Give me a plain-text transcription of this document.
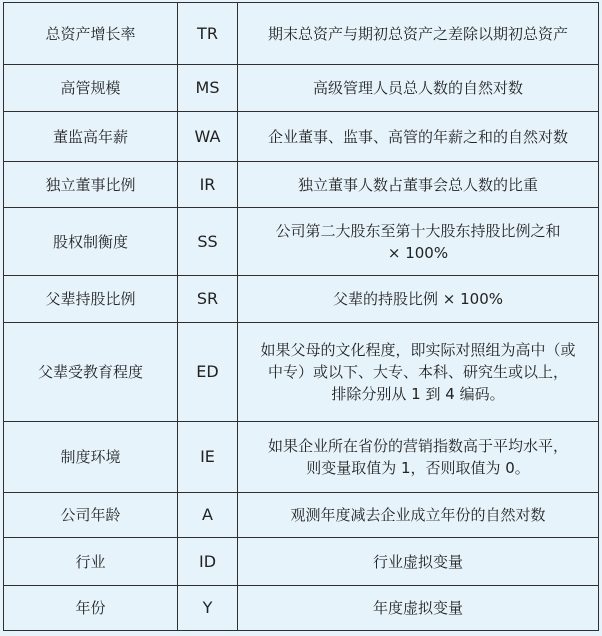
总资产增长率	TR	期末总资产与期初总资产之差除以期初总资产
高管规模	MS	高级管理人员总人数的自然对数
董监高年薪	WA	企业董事、监事、高管的年薪之和的自然对数
独立董事比例	IR	独立董事人数占董事会总人数的比重
股权制衡度	SS	公司第二大股东至第十大股东持股比例之和
× 100%
父辈持股比例	SR	父辈的持股比例 × 100%
父辈受教育程度	ED	如果父母的文化程度，即实际对照组为高中（或
中专）或以下、大专、本科、研究生或以上，
排除分别从 1 到 4 编码。
制度环境	IE	如果企业所在省份的营销指数高于平均水平，
则变量取值为 1，否则取值为 0。
公司年龄	A	观测年度减去企业成立年份的自然对数
行业	ID	行业虚拟变量
年份	Y	年度虚拟变量
